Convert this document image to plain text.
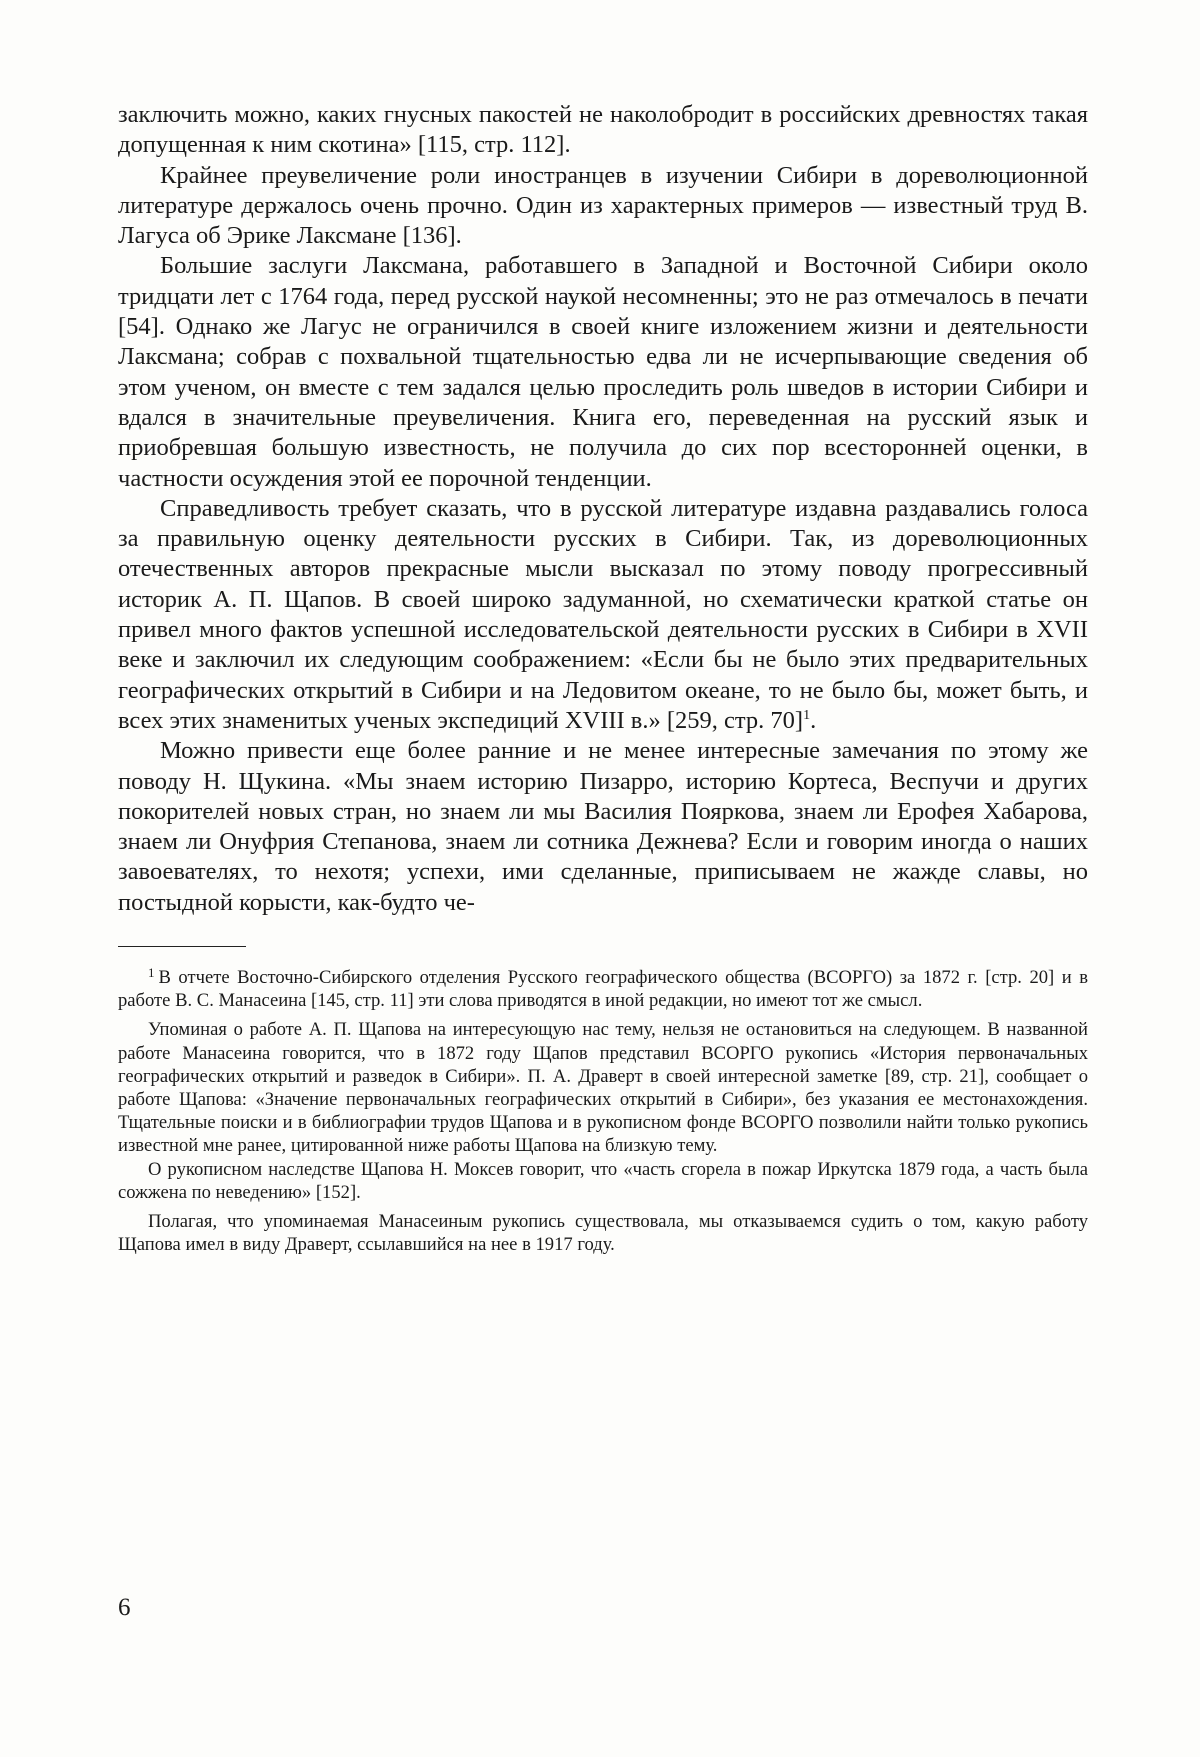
заключить можно, каких гнусных пакостей не наколобродит в российских древностях такая допущенная к ним скотина» [115, стр. 112].

Крайнее преувеличение роли иностранцев в изучении Сибири в дореволюционной литературе держалось очень прочно. Один из характерных примеров — известный труд В. Лагуса об Эрике Лаксмане [136].

Большие заслуги Лаксмана, работавшего в Западной и Восточной Сибири около тридцати лет с 1764 года, перед русской наукой несомненны; это не раз отмечалось в печати [54]. Однако же Лагус не ограничился в своей книге изложением жизни и деятельности Лаксмана; собрав с похвальной тщательностью едва ли не исчерпывающие сведения об этом ученом, он вместе с тем задался целью проследить роль шведов в истории Сибири и вдался в значительные преувеличения. Книга его, переведенная на русский язык и приобревшая большую известность, не получила до сих пор всесторонней оценки, в частности осуждения этой ее порочной тенденции.

Справедливость требует сказать, что в русской литературе издавна раздавались голоса за правильную оценку деятельности русских в Сибири. Так, из дореволюционных отечественных авторов прекрасные мысли высказал по этому поводу прогрессивный историк А. П. Щапов. В своей широко задуманной, но схематически краткой статье он привел много фактов успешной исследовательской деятельности русских в Сибири в XVII веке и заключил их следующим соображением: «Если бы не было этих предварительных географических открытий в Сибири и на Ледовитом океане, то не было бы, может быть, и всех этих знаменитых ученых экспедиций XVIII в.» [259, стр. 70]$^1$.

Можно привести еще более ранние и не менее интересные замечания по этому же поводу Н. Щукина. «Мы знаем историю Пизарро, историю Кортеса, Веспучи и других покорителей новых стран, но знаем ли мы Василия Пояркова, знаем ли Ерофея Хабарова, знаем ли Онуфрия Степанова, знаем ли сотника Дежнева? Если и говорим иногда о наших завоевателях, то нехотя; успехи, ими сделанные, приписываем не жажде славы, но постыдной корысти, как-будто че-

$^1$ В отчете Восточно-Сибирского отделения Русского географического общества (ВСОРГО) за 1872 г. [стр. 20] и в работе В. С. Манасеина [145, стр. 11] эти слова приводятся в иной редакции, но имеют тот же смысл.

Упоминая о работе А. П. Щапова на интересующую нас тему, нельзя не остановиться на следующем. В названной работе Манасеина говорится, что в 1872 году Щапов представил ВСОРГО рукопись «История первоначальных географических открытий и разведок в Сибири». П. А. Драверт в своей интересной заметке [89, стр. 21], сообщает о работе Щапова: «Значение первоначальных географических открытий в Сибири», без указания ее местонахождения. Тщательные поиски и в библиографии трудов Щапова и в рукописном фонде ВСОРГО позволили найти только рукопись известной мне ранее, цитированной ниже работы Щапова на близкую тему.

О рукописном наследстве Щапова Н. Моксев говорит, что «часть сгорела в пожар Иркутска 1879 года, а часть была сожжена по неведению» [152].

Полагая, что упоминаемая Манасеиным рукопись существовала, мы отказываемся судить о том, какую работу Щапова имел в виду Драверт, ссылавшийся на нее в 1917 году.

6
